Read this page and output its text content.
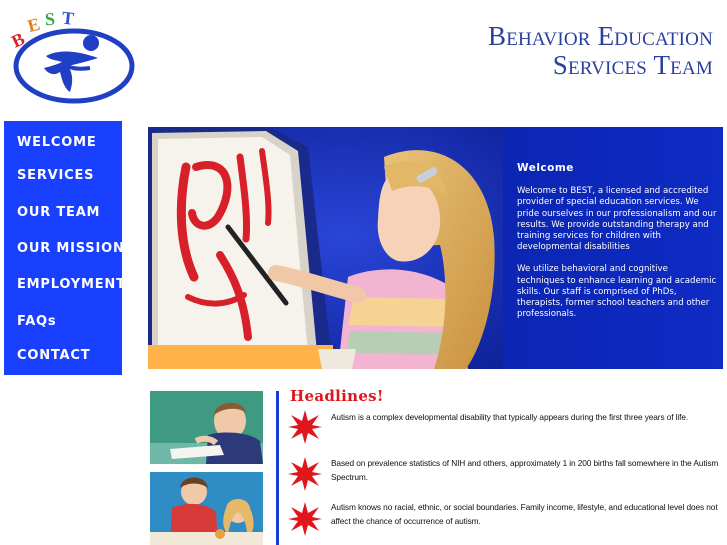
B
E S T
Behavior Education
Services Team
WELCOME
SERVICES
OUR TEAM
OUR MISSION
EMPLOYMENT
FAQs
CONTACT
Welcome

Welcome to BEST, a licensed and accredited provider of special education services. We pride ourselves in our professionalism and our results. We provide outstanding therapy and training services for children with developmental disabilities

We utilize behavioral and cognitive techniques to enhance learning and academic skills. Our staff is comprised of PhDs, therapists, former school teachers and other professionals.

Headlines!
Autism is a complex developmental disability that typically appears during the first three years of life.
Based on prevalence statistics of NIH and others, approximately 1 in 200 births fall somewhere in the Autism Spectrum.
Autism knows no racial, ethnic, or social boundaries. Family income, lifestyle, and educational level does not affect the chance of occurrence of autism.
